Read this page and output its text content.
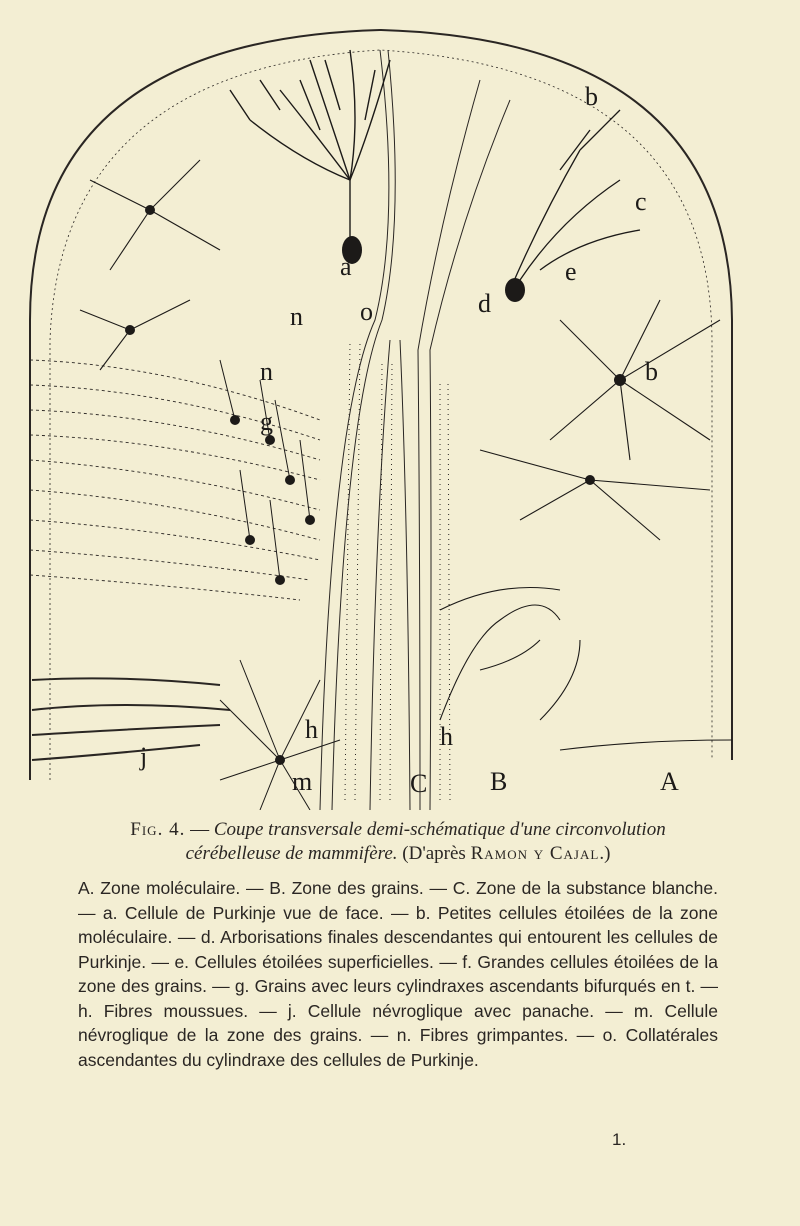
a
b
b
c
d
e
g
h	h
j
m
n
n
o
A
B
C
Fig. 4. — Coupe transversale demi-schématique d'une circonvolution
cérébelleuse de mammifère. (D'après Ramon y Cajal.)
A. Zone moléculaire. — B. Zone des grains. — C. Zone de la substance blanche. — a. Cellule de Purkinje vue de face. — b. Petites cellules étoilées de la zone moléculaire. — d. Arborisations finales descendantes qui entourent les cellules de Purkinje. — e. Cellules étoilées superficielles. — f. Grandes cellules étoilées de la zone des grains. — g. Grains avec leurs cylindraxes ascendants bifurqués en t. — h. Fibres moussues. — j. Cellule névroglique avec panache. — m. Cellule névroglique de la zone des grains. — n. Fibres grimpantes. — o. Collatérales ascendantes du cylindraxe des cellules de Purkinje.
1.
